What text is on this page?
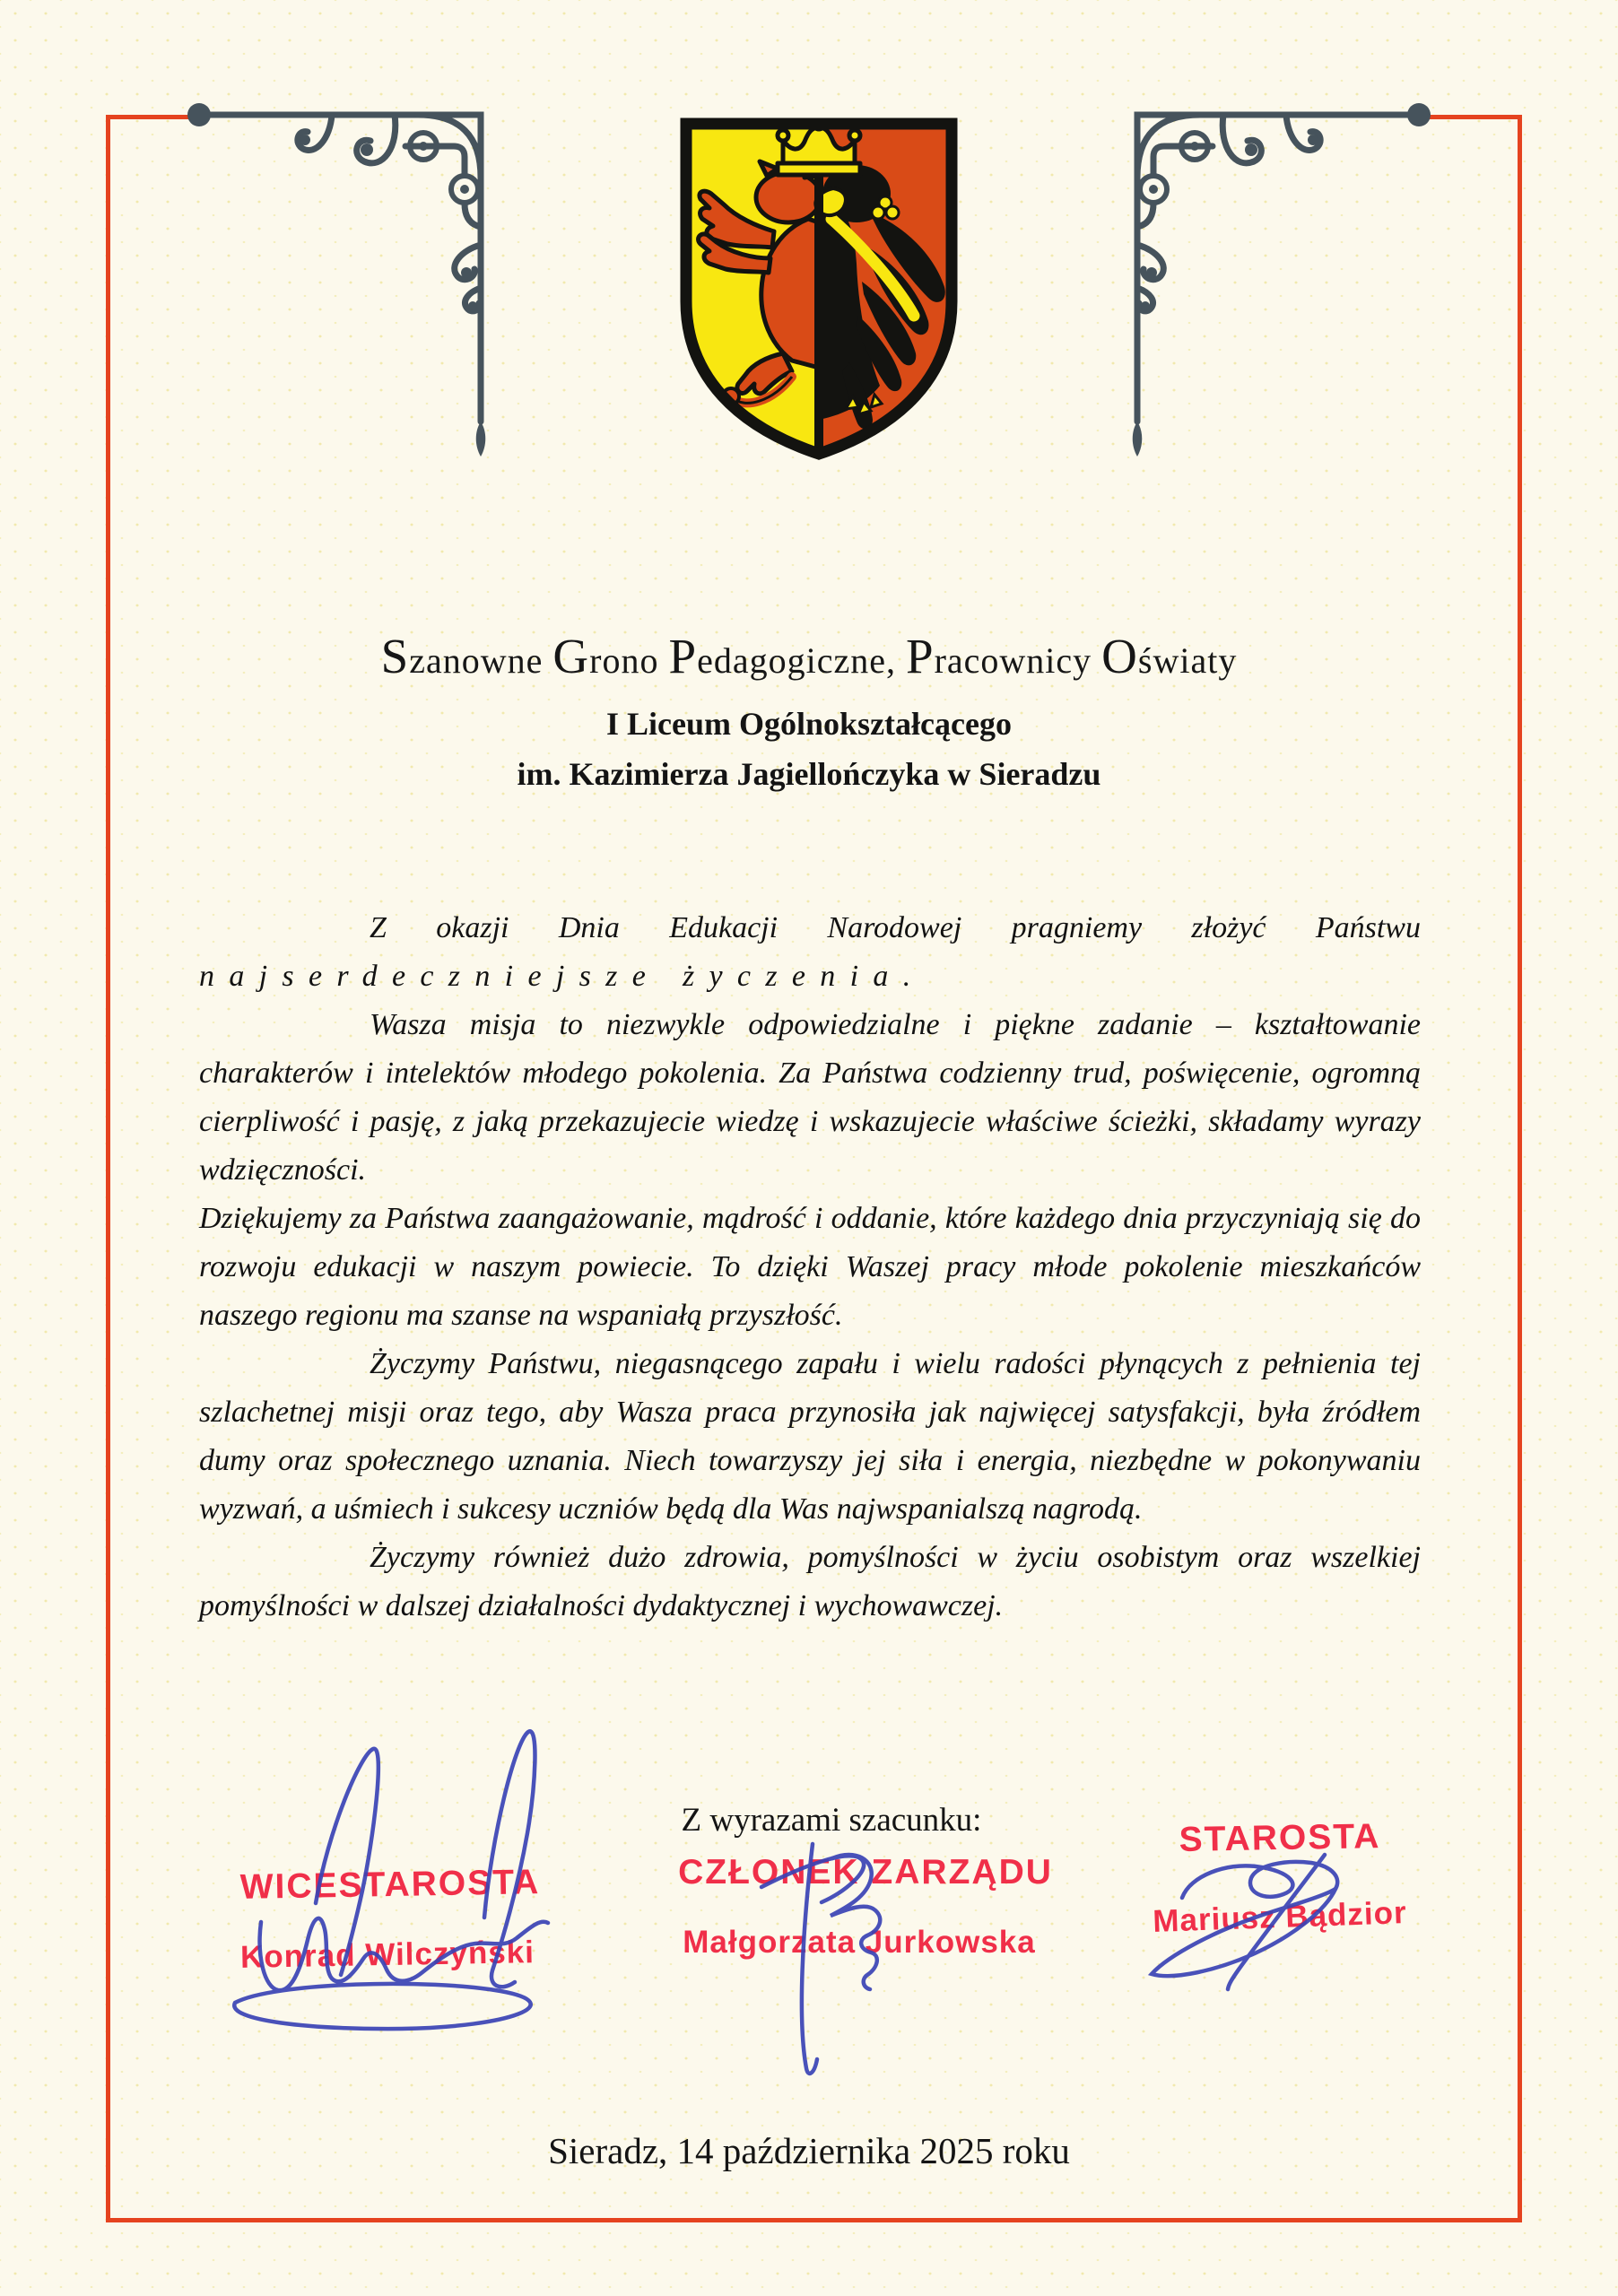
Szanowne Grono Pedagogiczne, Pracownicy Oświaty
I Liceum Ogólnokształcącego
im. Kazimierza Jagiellończyka w Sieradzu

Z okazji Dnia Edukacji Narodowej pragniemy złożyć Państwu
najserdeczniejsze życzenia.

Wasza misja to niezwykle odpowiedzialne i piękne zadanie – kształtowanie charakterów i intelektów młodego pokolenia. Za Państwa codzienny trud, poświęcenie, ogromną cierpliwość i pasję, z jaką przekazujecie wiedzę i wskazujecie właściwe ścieżki, składamy wyrazy wdzięczności.

Dziękujemy za Państwa zaangażowanie, mądrość i oddanie, które każdego dnia przyczyniają się do rozwoju edukacji w naszym powiecie. To dzięki Waszej pracy młode pokolenie mieszkańców naszego regionu ma szanse na wspaniałą przyszłość.

Życzymy Państwu, niegasnącego zapału i wielu radości płynących z pełnienia tej szlachetnej misji oraz tego, aby Wasza praca przynosiła jak najwięcej satysfakcji, była źródłem dumy oraz społecznego uznania. Niech towarzyszy jej siła i energia, niezbędne w pokonywaniu wyzwań, a uśmiech i sukcesy uczniów będą dla Was najwspanialszą nagrodą.

Życzymy również dużo zdrowia, pomyślności w życiu osobistym oraz wszelkiej pomyślności w dalszej działalności dydaktycznej i wychowawczej.

Z wyrazami szacunku:
WICESTAROSTA
Konrad Wilczyński
CZŁONEK ZARZĄDU
Małgorzata Jurkowska
STAROSTA
Mariusz Bądzior
Sieradz, 14 października 2025 roku
